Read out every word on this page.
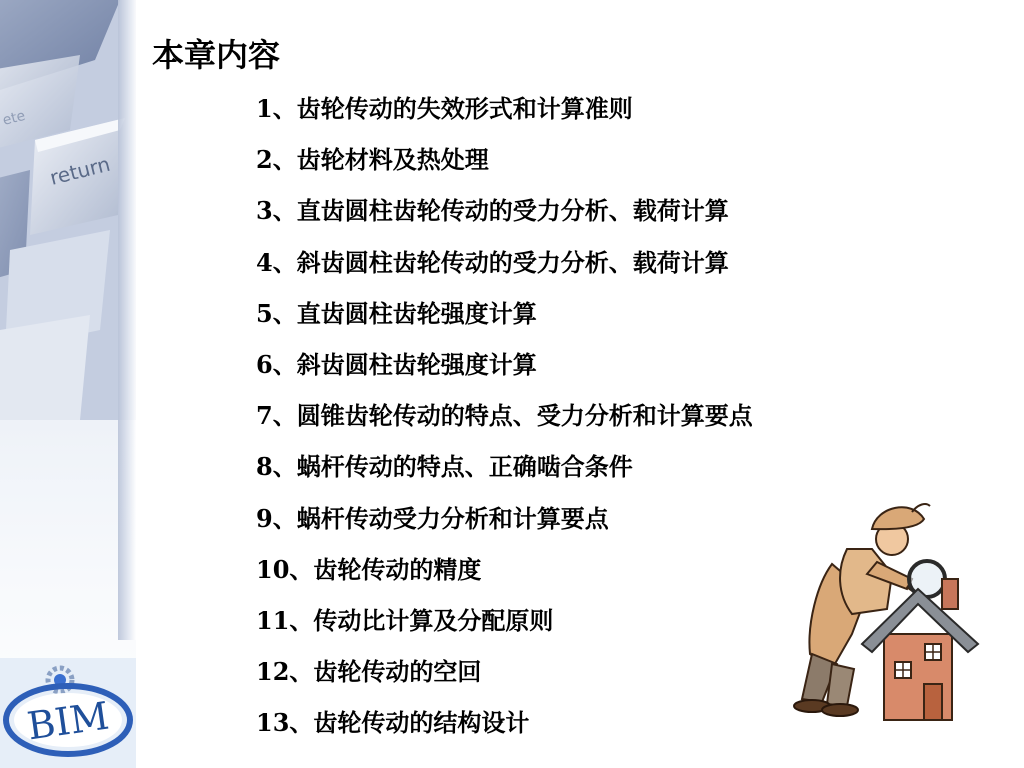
return
ete
BIM
本章内容
1、齿轮传动的失效形式和计算准则
2、齿轮材料及热处理
3、直齿圆柱齿轮传动的受力分析、载荷计算
4、斜齿圆柱齿轮传动的受力分析、载荷计算
5、直齿圆柱齿轮强度计算
6、斜齿圆柱齿轮强度计算
7、圆锥齿轮传动的特点、受力分析和计算要点
8、蜗杆传动的特点、正确啮合条件
9、蜗杆传动受力分析和计算要点
10、齿轮传动的精度
11、传动比计算及分配原则
12、齿轮传动的空回
13、齿轮传动的结构设计
